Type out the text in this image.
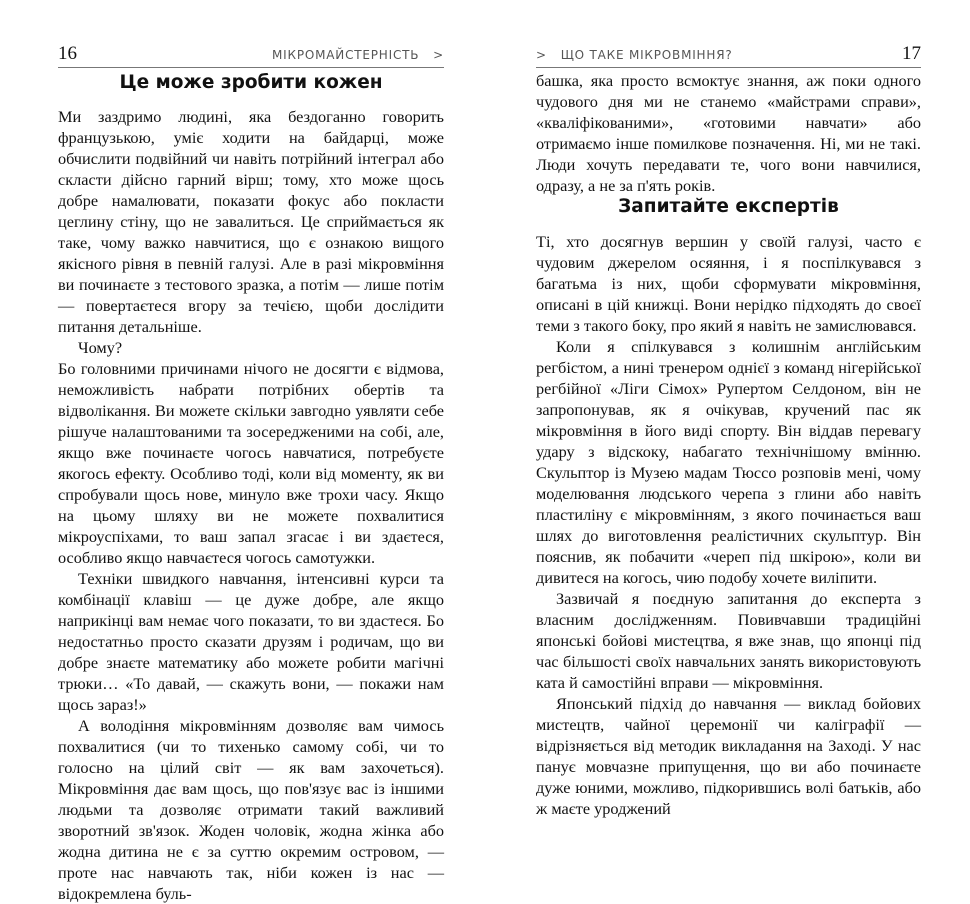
16	МІКРОМАЙСТЕРНІСТЬ   >
Це може зробити кожен

Ми заздримо людині, яка бездоганно говорить французькою, уміє ходити на байдарці, може обчислити подвійний чи навіть потрійний інтеграл або скласти дійсно гарний вірш; тому, хто може щось добре намалювати, показати фокус або покласти цеглину стіну, що не завалиться. Це сприймається як таке, чому важко навчитися, що є ознакою вищого якісного рівня в певній галузі. Але в разі мікровміння ви починаєте з тестового зразка, а потім — лише потім — повертаєтеся вгору за течією, щоби дослідити питання детальніше.

Чому?

Бо головними причинами нічого не досягти є відмова, неможливість набрати потрібних обертів та відволікання. Ви можете скільки завгодно уявляти себе рішуче налаштованими та зосередженими на собі, але, якщо вже починаєте чогось навчатися, потребуєте якогось ефекту. Особливо тоді, коли від моменту, як ви спробували щось нове, минуло вже трохи часу. Якщо на цьому шляху ви не можете похвалитися мікроуспіхами, то ваш запал згасає і ви здаєтеся, особливо якщо навчаєтеся чогось самотужки.

Техніки швидкого навчання, інтенсивні курси та комбінації клавіш — це дуже добре, але якщо наприкінці вам немає чого показати, то ви здастеся. Бо недостатньо просто сказати друзям і родичам, що ви добре знаєте математику або можете робити магічні трюки… «То давай, — скажуть вони, — покажи нам щось зараз!»

А володіння мікровмінням дозволяє вам чимось похвалитися (чи то тихенько самому собі, чи то голосно на цілий світ — як вам захочеться). Мікровміння дає вам щось, що пов'язує вас із іншими людьми та дозволяє отримати такий важливий зворотний зв'язок. Жоден чоловік, жодна жінка або жодна дитина не є за суттю окремим островом, — проте нас навчають так, ніби кожен із нас — відокремлена буль-

>   ЩО ТАКЕ МІКРОВМІННЯ?	17

башка, яка просто всмоктує знання, аж поки одного чудового дня ми не станемо «майстрами справи», «кваліфікованими», «готовими навчати» або отримаємо інше помилкове позначення. Ні, ми не такі. Люди хочуть передавати те, чого вони навчилися, одразу, а не за п'ять років.

Запитайте експертів

Ті, хто досягнув вершин у своїй галузі, часто є чудовим джерелом осяяння, і я поспілкувався з багатьма із них, щоби сформувати мікровміння, описані в цій книжці. Вони нерідко підходять до своєї теми з такого боку, про який я навіть не замислювався.

Коли я спілкувався з колишнім англійським регбістом, а нині тренером однієї з команд нігерійської регбійної «Ліги Сімох» Рупертом Селдоном, він не запропонував, як я очікував, кручений пас як мікровміння в його виді спорту. Він віддав перевагу удару з відскоку, набагато технічнішому вмінню. Скульптор із Музею мадам Тюссо розповів мені, чому моделювання людського черепа з глини або навіть пластиліну є мікровмінням, з якого починається ваш шлях до виготовлення реалістичних скульптур. Він пояснив, як побачити «череп під шкірою», коли ви дивитеся на когось, чию подобу хочете виліпити.

Зазвичай я поєдную запитання до експерта з власним дослідженням. Повивчавши традиційні японські бойові мистецтва, я вже знав, що японці під час більшості своїх навчальних занять використовують ката й самостійні вправи — мікровміння.

Японський підхід до навчання — виклад бойових мистецтв, чайної церемонії чи каліграфії — відрізняється від методик викладання на Заході. У нас панує мовчазне припущення, що ви або починаєте дуже юними, можливо, підкорившись волі батьків, або ж маєте уроджений
